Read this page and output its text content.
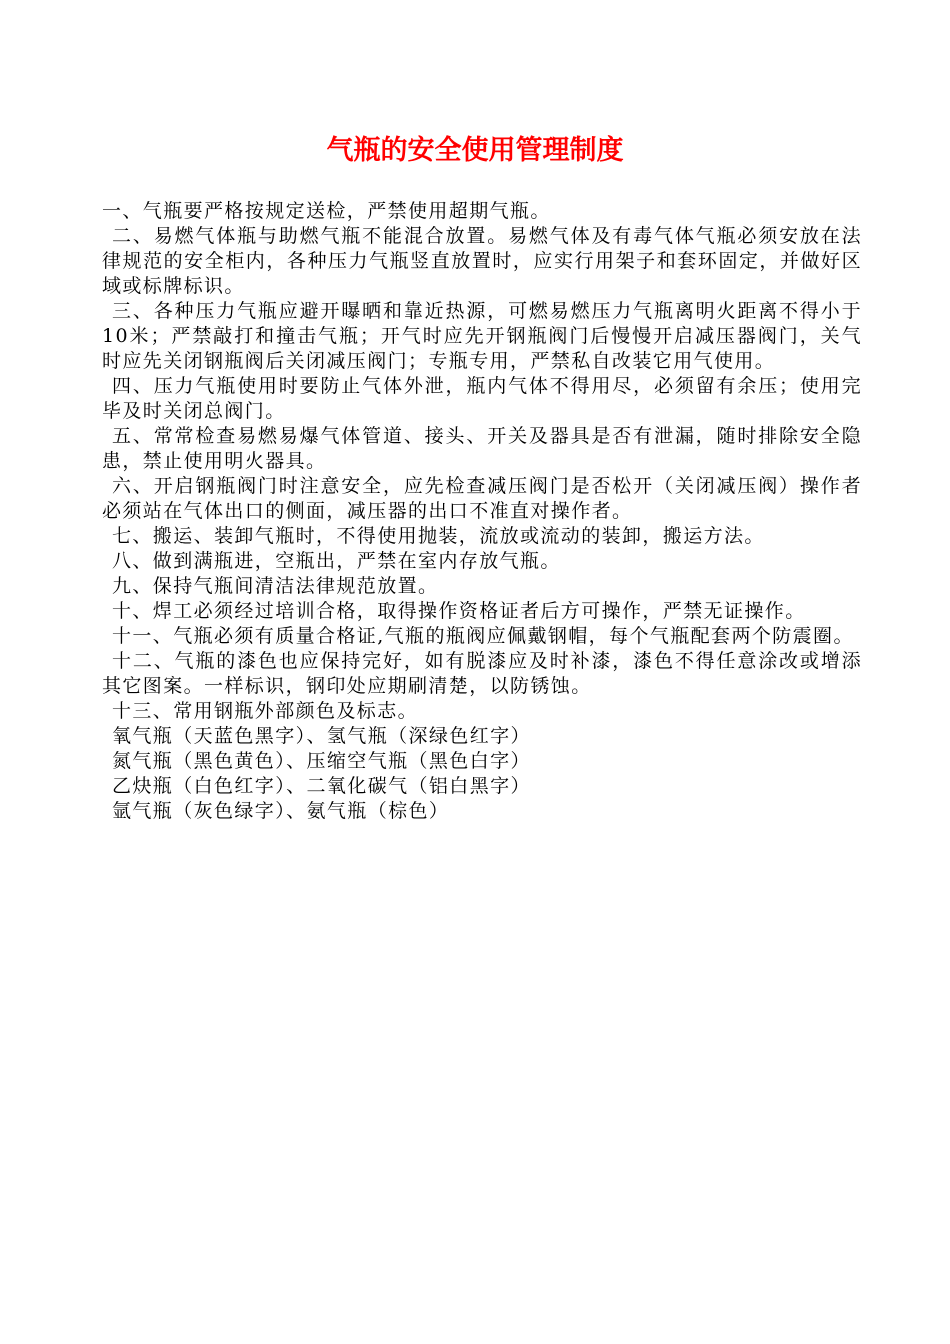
气瓶的安全使用管理制度

一、气瓶要严格按规定送检，严禁使用超期气瓶。

二、易燃气体瓶与助燃气瓶不能混合放置。易燃气体及有毒气体气瓶必须安放在法律规范的安全柜内，各种压力气瓶竖直放置时，应实行用架子和套环固定，并做好区域或标牌标识。

三、各种压力气瓶应避开曝晒和靠近热源，可燃易燃压力气瓶离明火距离不得小于10米；严禁敲打和撞击气瓶；开气时应先开钢瓶阀门后慢慢开启减压器阀门，关气时应先关闭钢瓶阀后关闭减压阀门；专瓶专用，严禁私自改装它用气使用。

四、压力气瓶使用时要防止气体外泄，瓶内气体不得用尽，必须留有余压；使用完毕及时关闭总阀门。

五、常常检查易燃易爆气体管道、接头、开关及器具是否有泄漏，随时排除安全隐患，禁止使用明火器具。

六、开启钢瓶阀门时注意安全，应先检查减压阀门是否松开（关闭减压阀）操作者必须站在气体出口的侧面，减压器的出口不准直对操作者。

七、搬运、装卸气瓶时，不得使用抛装，流放或流动的装卸，搬运方法。

八、做到满瓶进，空瓶出，严禁在室内存放气瓶。

九、保持气瓶间清洁法律规范放置。

十、焊工必须经过培训合格，取得操作资格证者后方可操作，严禁无证操作。

十一、气瓶必须有质量合格证,气瓶的瓶阀应佩戴钢帽，每个气瓶配套两个防震圈。

十二、气瓶的漆色也应保持完好，如有脱漆应及时补漆，漆色不得任意涂改或增添其它图案。一样标识，钢印处应期刷清楚，以防锈蚀。

十三、常用钢瓶外部颜色及标志。

氧气瓶（天蓝色黑字）、氢气瓶（深绿色红字）

氮气瓶（黑色黄色）、压缩空气瓶（黑色白字）

乙炔瓶（白色红字）、二氧化碳气（铝白黑字）

氩气瓶（灰色绿字）、氨气瓶（棕色）
